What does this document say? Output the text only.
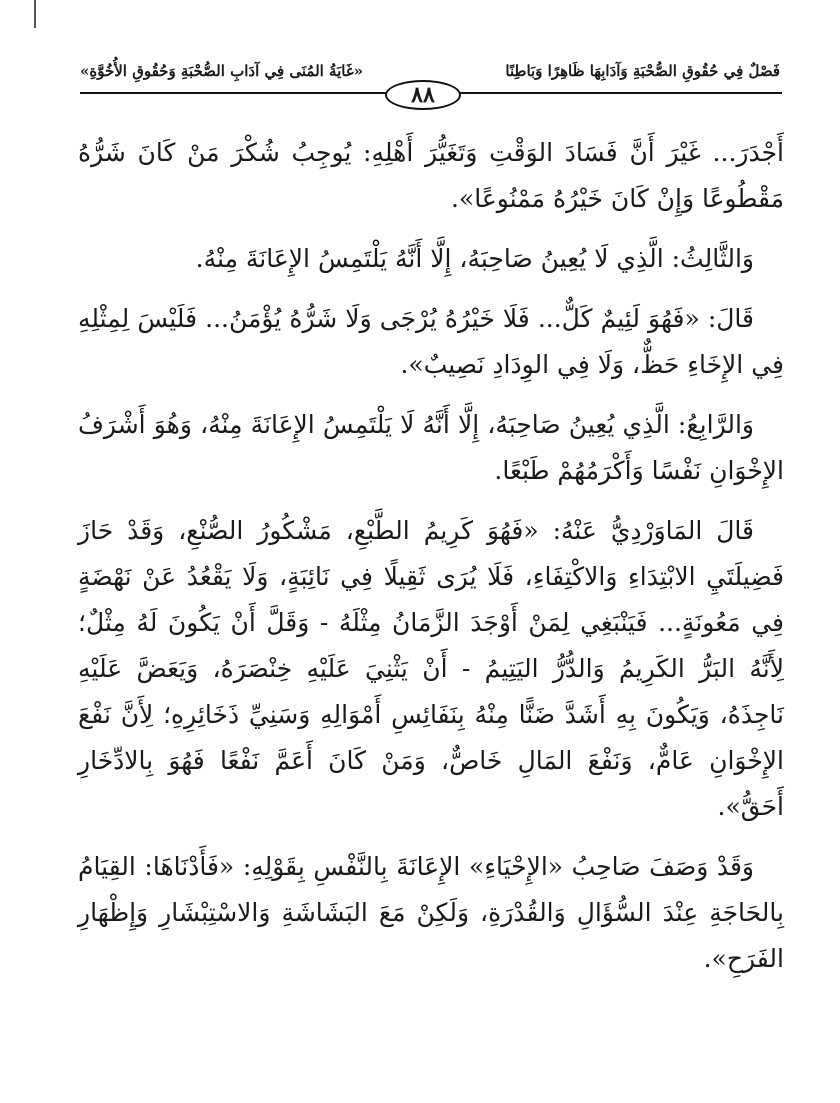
فَصْلٌ فِي حُقُوقِ الصُّحْبَةِ وَآدَابِهَا ظَاهِرًا وَبَاطِنًا
«غَايَةُ المُنَى فِي آدَابِ الصُّحْبَةِ وَحُقُوقِ الأُخُوَّةِ»
٨٨

أَجْدَرَ... غَيْرَ أَنَّ فَسَادَ الوَقْتِ وَتَغَيُّرَ أَهْلِهِ: يُوجِبُ شُكْرَ مَنْ كَانَ شَرُّهُ مَقْطُوعًا وَإِنْ كَانَ خَيْرُهُ مَمْنُوعًا».

وَالثَّالِثُ: الَّذِي لَا يُعِينُ صَاحِبَهُ، إِلَّا أَنَّهُ يَلْتَمِسُ الإِعَانَةَ مِنْهُ.

قَالَ: «فَهُوَ لَئِيمٌ كَلٌّ... فَلَا خَيْرُهُ يُرْجَى وَلَا شَرُّهُ يُؤْمَنُ... فَلَيْسَ لِمِثْلِهِ فِي الإِخَاءِ حَظٌّ، وَلَا فِي الوِدَادِ نَصِيبٌ».

وَالرَّابِعُ: الَّذِي يُعِينُ صَاحِبَهُ، إِلَّا أَنَّهُ لَا يَلْتَمِسُ الإِعَانَةَ مِنْهُ، وَهُوَ أَشْرَفُ الإِخْوَانِ نَفْسًا وَأَكْرَمُهُمْ طَبْعًا.

قَالَ المَاوَرْدِيُّ عَنْهُ: «فَهُوَ كَرِيمُ الطَّبْعِ، مَشْكُورُ الصُّنْعِ، وَقَدْ حَازَ فَضِيلَتَيِ الابْتِدَاءِ وَالاكْتِفَاءِ، فَلَا يُرَى ثَقِيلًا فِي نَائِبَةٍ، وَلَا يَقْعُدُ عَنْ نَهْضَةٍ فِي مَعُونَةٍ... فَيَنْبَغِي لِمَنْ أَوْجَدَ الزَّمَانُ مِثْلَهُ - وَقَلَّ أَنْ يَكُونَ لَهُ مِثْلٌ؛ لِأَنَّهُ البَرُّ الكَرِيمُ وَالدُّرُّ اليَتِيمُ - أَنْ يَثْنِيَ عَلَيْهِ خِنْصَرَهُ، وَيَعَضَّ عَلَيْهِ نَاجِذَهُ، وَيَكُونَ بِهِ أَشَدَّ ضَنًّا مِنْهُ بِنَفَائِسِ أَمْوَالِهِ وَسَنِيِّ ذَخَائِرِهِ؛ لِأَنَّ نَفْعَ الإِخْوَانِ عَامٌّ، وَنَفْعَ المَالِ خَاصٌّ، وَمَنْ كَانَ أَعَمَّ نَفْعًا فَهُوَ بِالادِّخَارِ أَحَقُّ».

وَقَدْ وَصَفَ صَاحِبُ «الإِحْيَاءِ» الإِعَانَةَ بِالنَّفْسِ بِقَوْلِهِ: «فَأَدْنَاهَا: القِيَامُ بِالحَاجَةِ عِنْدَ السُّؤَالِ وَالقُدْرَةِ، وَلَكِنْ مَعَ البَشَاشَةِ وَالاسْتِبْشَارِ وَإِظْهَارِ الفَرَحِ».
